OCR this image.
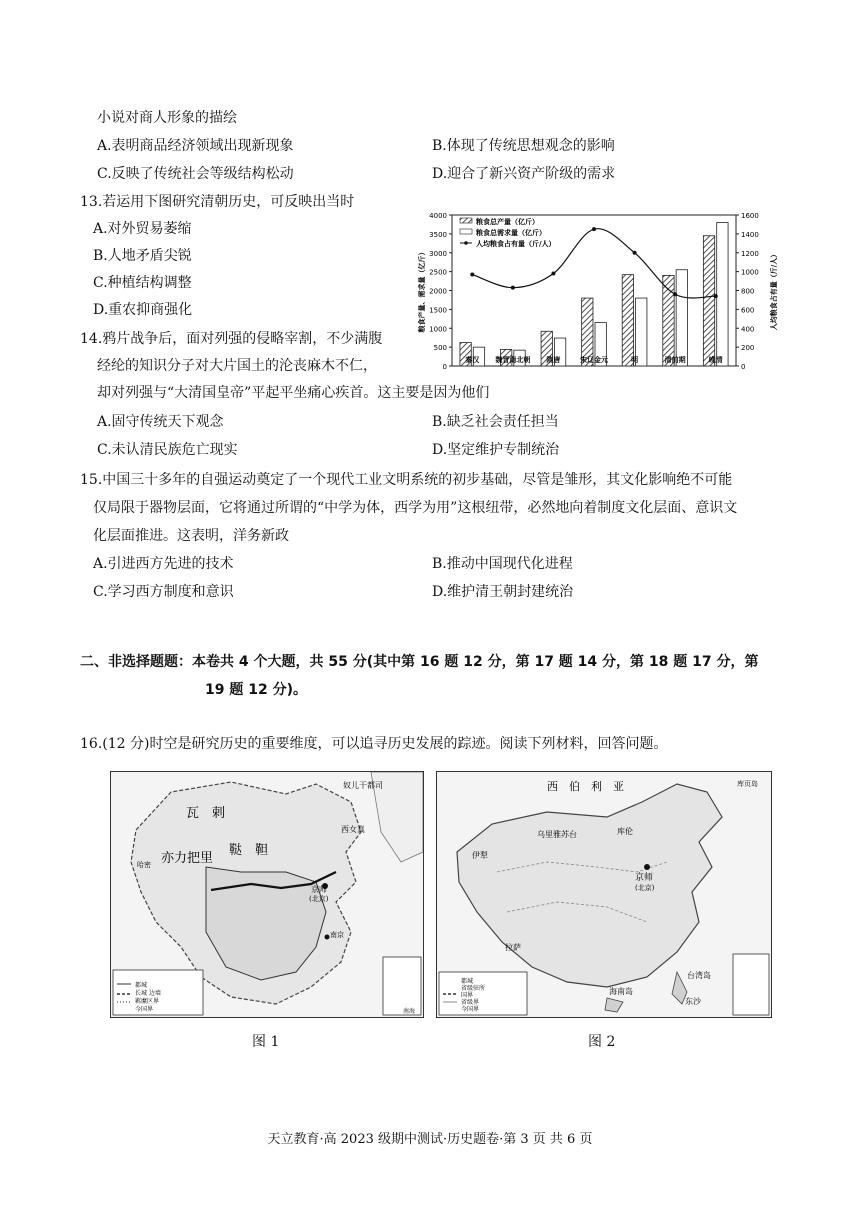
小说对商人形象的描绘
A.表明商品经济领域出现新现象	B.体现了传统思想观念的影响
C.反映了传统社会等级结构松动	D.迎合了新兴资产阶级的需求
13.若运用下图研究清朝历史，可反映出当时
A.对外贸易萎缩
B.人地矛盾尖锐
C.种植结构调整
D.重农抑商强化
0
500
1000
1500
2000
2500
3000
3500
4000
0
200
400
600
800
1000
1200
1400
1600
粮食产量、需求量（亿斤）	人均粮食占有量（斤/人）
秦汉 魏晋南北朝 隋唐	宋辽金元	明	清前期	晚清
粮食总产量（亿斤）
粮食总需求量（亿斤）
人均粮食占有量（斤/人）
14.鸦片战争后，面对列强的侵略宰割，不少满腹
经纶的知识分子对大片国土的沦丧麻木不仁，
却对列强与“大清国皇帝”平起平坐痛心疾首。这主要是因为他们
A.固守传统天下观念	B.缺乏社会责任担当
C.未认清民族危亡现实	D.坚定维护专制统治
15.中国三十多年的自强运动奠定了一个现代工业文明系统的初步基础，尽管是雏形，其文化影响绝不可能
仅局限于器物层面，它将通过所谓的“中学为体，西学为用”这根纽带，必然地向着制度文化层面、意识文
化层面推进。这表明，洋务新政
A.引进西方先进的技术	B.推动中国现代化进程
C.学习西方制度和意识	D.维护清王朝封建统治
二、非选择题题：本卷共 4 个大题，共 55 分(其中第 16 题 12 分，第 17 题 14 分，第 18 题 17 分，第
19 题 12 分)。
16.(12 分)时空是研究历史的重要维度，可以追寻历史发展的踪迹。阅读下列材料，回答问题。
瓦　剌
鞑　靼
亦力把里
奴儿干都司
西女真
京师
(北京)
南京
哈密
南海
都城
长城 边墙
羁縻区界
今国界
图 1
西　伯　利　亚
乌里雅苏台	库伦
伊犁
京师
(北京)
拉萨
台湾岛
海南岛
东沙
库页岛
都城
省级驻所
国界
省级界
今国界
图 2
天立教育·高 2023 级期中测试·历史题卷·第 3 页 共 6 页
